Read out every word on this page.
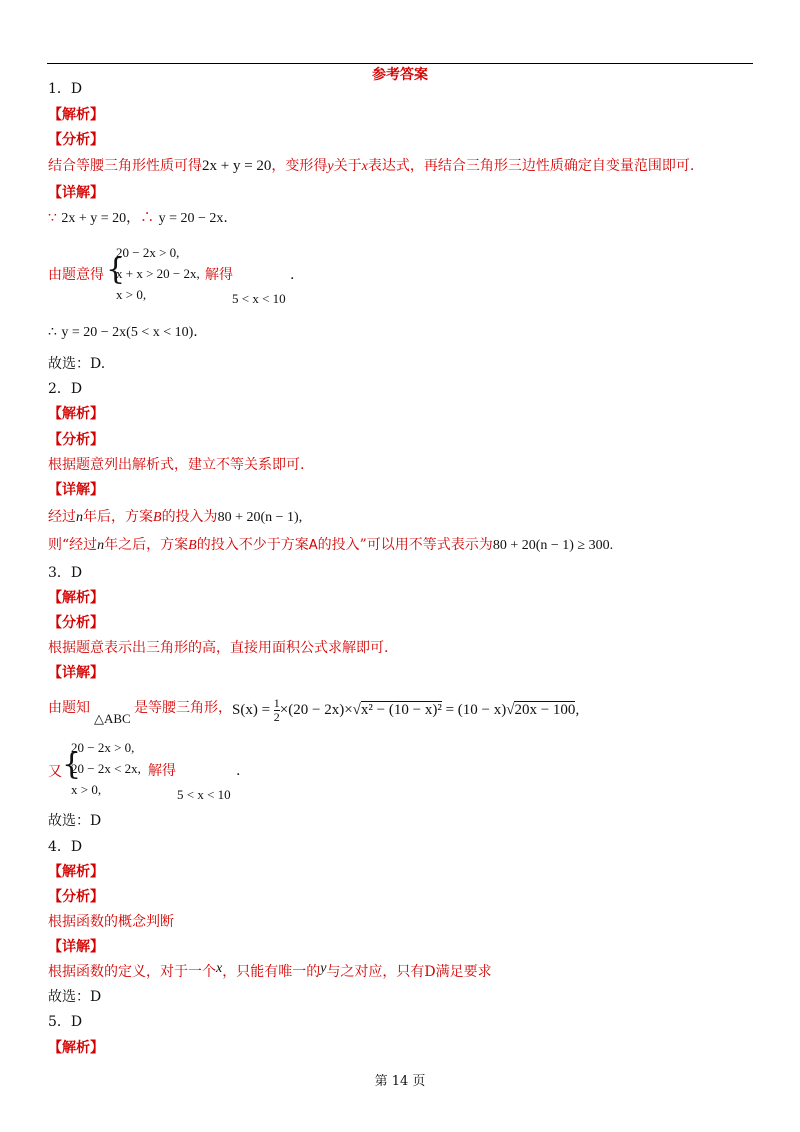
参考答案
1．D
【解析】
【分析】
结合等腰三角形性质可得2x + y = 20，变形得y关于x表达式，再结合三角形三边性质确定自变量范围即可.
【详解】
∵ 2x + y = 20，∴ y = 20 − 2x.
由题意得 {
20 − 2x > 0,
x + x > 20 − 2x,
x > 0,
解得
5 < x < 10
.
∴ y = 20 − 2x(5 < x < 10).
故选：D.
2．D
【解析】
【分析】
根据题意列出解析式，建立不等关系即可.
【详解】
经过n年后，方案B的投入为80 + 20(n − 1),
则“经过n年之后，方案B的投入不少于方案A的投入”可以用不等式表示为80 + 20(n − 1) ≥ 300.
3．D
【解析】
【分析】
根据题意表示出三角形的高，直接用面积公式求解即可.
【详解】
由题知
△ABC
是等腰三角形， $S(x) = \frac{1}{2} \times(20 - 2x)\times√x^2 - (10 - x)^2 = (10 - x)√20x - 100$,
又 {
20 − 2x > 0,
20 − 2x < 2x,
x > 0,
解得
5 < x < 10
.
故选：D
4．D
【解析】
【分析】
根据函数的概念判断
【详解】
根据函数的定义，对于一个x，只能有唯一的y与之对应，只有D满足要求
故选：D
5．D
【解析】
第 14 页
